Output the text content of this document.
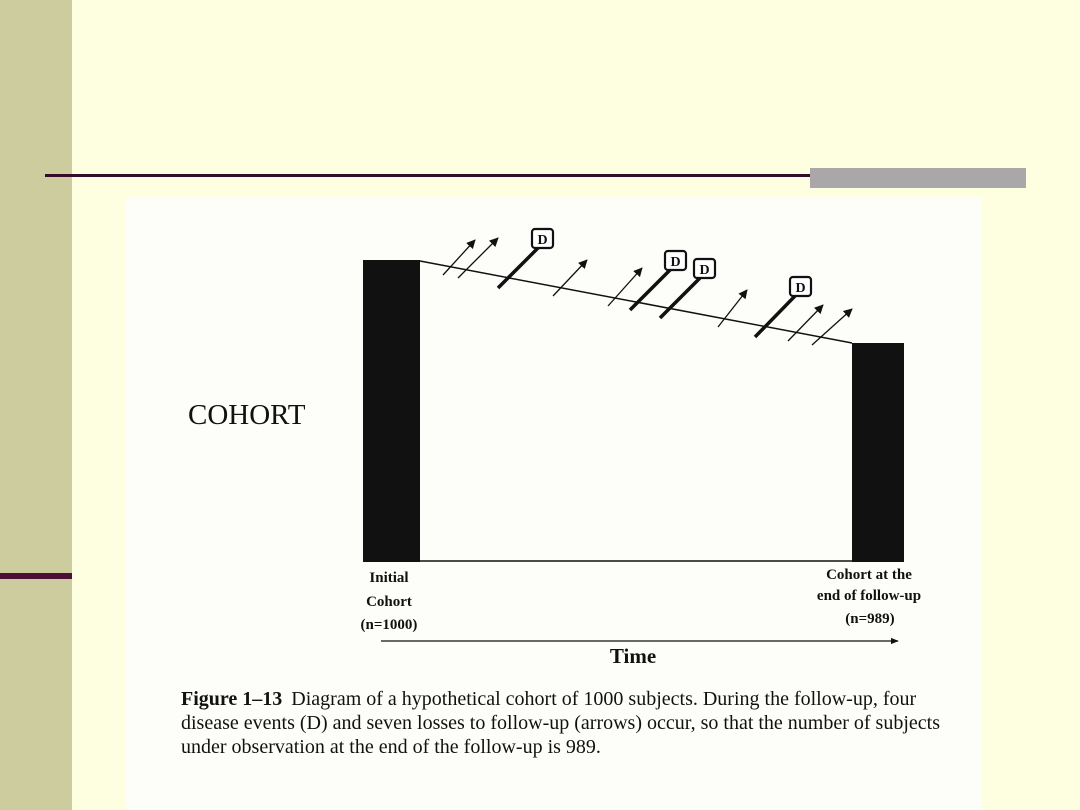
COHORT
D
D
D
D
Initial
Cohort
(n=1000)
Cohort at the
end of follow-up
(n=989)
Time
Figure 1–13 Diagram of a hypothetical cohort of 1000 subjects. During the follow-up, four disease events (D) and seven losses to follow-up (arrows) occur, so that the number of subjects under observation at the end of the follow-up is 989.
